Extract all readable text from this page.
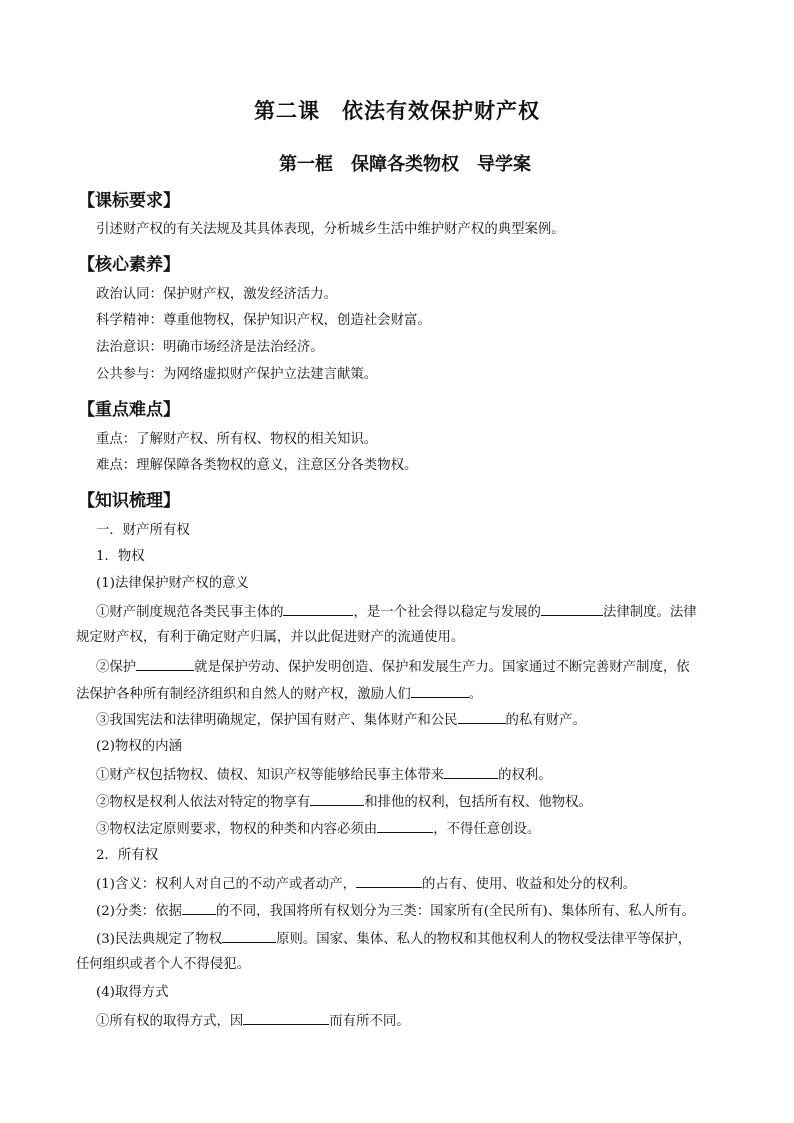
第二课　依法有效保护财产权
第一框　保障各类物权　导学案
【课标要求】
引述财产权的有关法规及其具体表现，分析城乡生活中维护财产权的典型案例。
【核心素养】
政治认同：保护财产权，激发经济活力。
科学精神：尊重他物权，保护知识产权，创造社会财富。
法治意识：明确市场经济是法治经济。
公共参与：为网络虚拟财产保护立法建言献策。
【重点难点】
重点：了解财产权、所有权、物权的相关知识。
难点：理解保障各类物权的意义，注意区分各类物权。
【知识梳理】
一．财产所有权
1．物权
(1)法律保护财产权的意义
①财产制度规范各类民事主体的	，是一个社会得以稳定与发展的	法律制度。法律
规定财产权，有利于确定财产归属，并以此促进财产的流通使用。
②保护	就是保护劳动、保护发明创造、保护和发展生产力。国家通过不断完善财产制度，依
法保护各种所有制经济组织和自然人的财产权，激励人们	。
③我国宪法和法律明确规定，保护国有财产、集体财产和公民	的私有财产。
(2)物权的内涵
①财产权包括物权、债权、知识产权等能够给民事主体带来	的权利。
②物权是权利人依法对特定的物享有	和排他的权利，包括所有权、他物权。
③物权法定原则要求，物权的种类和内容必须由	，不得任意创设。
2．所有权
(1)含义：权利人对自己的不动产或者动产，	的占有、使用、收益和处分的权利。
(2)分类：依据	的不同，我国将所有权划分为三类：国家所有(全民所有)、集体所有、私人所有。
(3)民法典规定了物权	原则。国家、集体、私人的物权和其他权利人的物权受法律平等保护，
任何组织或者个人不得侵犯。
(4)取得方式
①所有权的取得方式，因	而有所不同。
